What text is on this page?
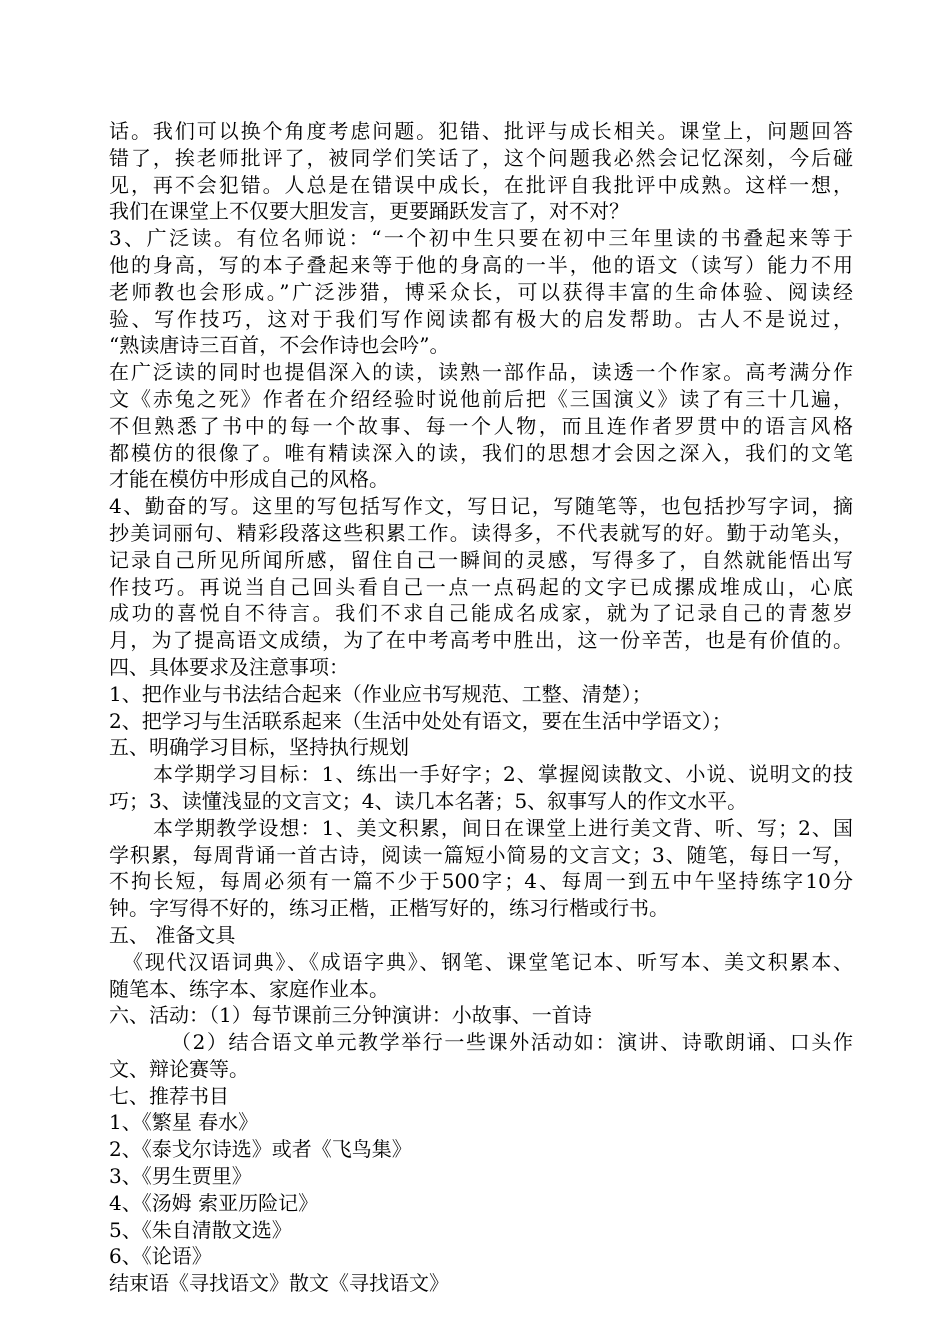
话。我们可以换个角度考虑问题。犯错、批评与成长相关。课堂上，问题回答
错了，挨老师批评了，被同学们笑话了，这个问题我必然会记忆深刻，今后碰
见，再不会犯错。人总是在错误中成长，在批评自我批评中成熟。这样一想，
我们在课堂上不仅要大胆发言，更要踊跃发言了，对不对？
3、广泛读。有位名师说：“一个初中生只要在初中三年里读的书叠起来等于
他的身高，写的本子叠起来等于他的身高的一半，他的语文（读写）能力不用
老师教也会形成。”广泛涉猎，博采众长，可以获得丰富的生命体验、阅读经
验、写作技巧，这对于我们写作阅读都有极大的启发帮助。古人不是说过，
“熟读唐诗三百首，不会作诗也会吟”。
在广泛读的同时也提倡深入的读，读熟一部作品，读透一个作家。高考满分作
文《赤兔之死》作者在介绍经验时说他前后把《三国演义》读了有三十几遍，
不但熟悉了书中的每一个故事、每一个人物，而且连作者罗贯中的语言风格
都模仿的很像了。唯有精读深入的读，我们的思想才会因之深入，我们的文笔
才能在模仿中形成自己的风格。
4、勤奋的写。这里的写包括写作文，写日记，写随笔等，也包括抄写字词，摘
抄美词丽句、精彩段落这些积累工作。读得多，不代表就写的好。勤于动笔头，
记录自己所见所闻所感，留住自己一瞬间的灵感，写得多了，自然就能悟出写
作技巧。再说当自己回头看自己一点一点码起的文字已成摞成堆成山，心底
成功的喜悦自不待言。我们不求自己能成名成家，就为了记录自己的青葱岁
月，为了提高语文成绩，为了在中考高考中胜出，这一份辛苦，也是有价值的。
四、具体要求及注意事项：
1、把作业与书法结合起来（作业应书写规范、工整、清楚）；
2、把学习与生活联系起来（生活中处处有语文，要在生活中学语文）；
五、明确学习目标，坚持执行规划
本学期学习目标：1、练出一手好字；2、掌握阅读散文、小说、说明文的技
巧；3、读懂浅显的文言文；4、读几本名著；5、叙事写人的作文水平。
本学期教学设想：1、美文积累，间日在课堂上进行美文背、听、写；2、国
学积累，每周背诵一首古诗，阅读一篇短小简易的文言文；3、随笔，每日一写，
不拘长短，每周必须有一篇不少于500字；4、每周一到五中午坚持练字10分
钟。字写得不好的，练习正楷，正楷写好的，练习行楷或行书。
五、 准备文具
《现代汉语词典》、《成语字典》、钢笔、课堂笔记本、听写本、美文积累本、
随笔本、练字本、家庭作业本。
六、活动：（1）每节课前三分钟演讲：小故事、一首诗
（2）结合语文单元教学举行一些课外活动如：演讲、诗歌朗诵、口头作
文、辩论赛等。
七、推荐书目
1、《繁星 春水》
2、《泰戈尔诗选》或者《飞鸟集》
3、《男生贾里》
4、《汤姆 索亚历险记》
5、《朱自清散文选》
6、《论语》
结束语《寻找语文》散文《寻找语文》
